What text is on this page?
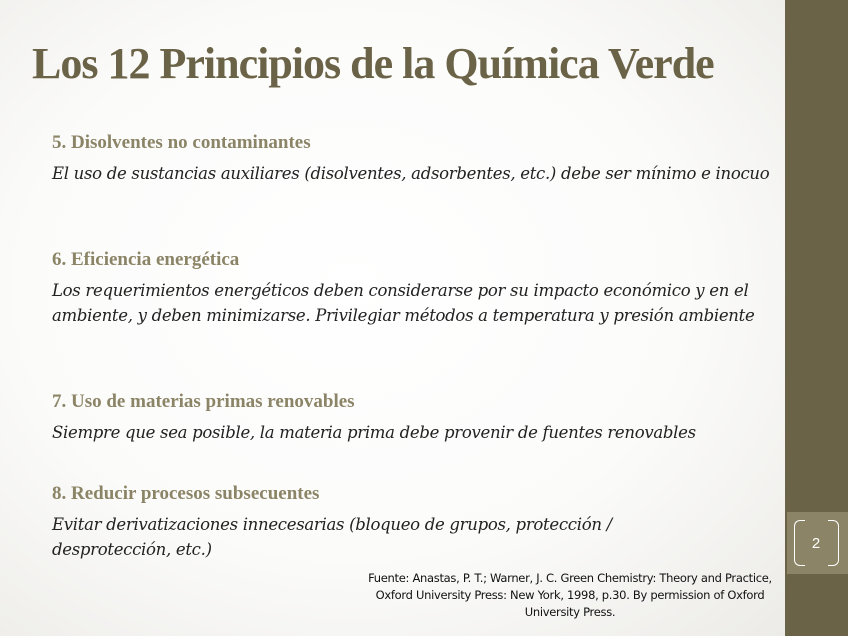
Los 12 Principios de la Química Verde
5. Disolventes no contaminantes
El uso de sustancias auxiliares (disolventes, adsorbentes, etc.) debe ser mínimo e inocuo
6. Eficiencia energética
Los requerimientos energéticos deben considerarse por su impacto económico y en el ambiente, y deben minimizarse. Privilegiar métodos a temperatura y presión ambiente
7. Uso de materias primas renovables
Siempre que sea posible, la materia prima debe provenir de fuentes renovables
8. Reducir procesos subsecuentes
Evitar derivatizaciones innecesarias (bloqueo de grupos, protección / desprotección, etc.)
Fuente: Anastas, P. T.; Warner, J. C. Green Chemistry: Theory and Practice, Oxford University Press: New York, 1998, p.30. By permission of Oxford University Press.
2
